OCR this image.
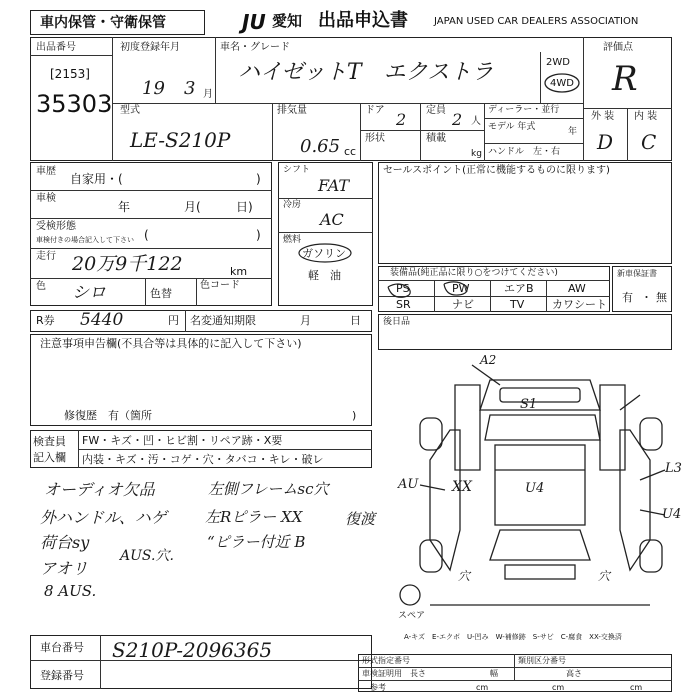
車内保管・守衛保管	JU 愛知 出品申込書	JAPAN USED CAR DEALERS ASSOCIATION
出品番号
[2153]
35303
初度登録年月
19 3 月
車名・グレード
ハイゼットT　エクストラ	2WD
4WD
評価点
R
外 装 内 装
D C
型式
LE-S210P
排気量
0.65 cc
ドア 2 定員 2 人
形状	積載
kg
ディーラー・並行
モデル 年式	年
ハンドル　左・右
車歴
自家用・(	)
車検
年	月(	日)
受検形態
車検付きの場合記入して下さい (	)
走行 20万9千122	km
色 シロ	色替
色コード
シフト
FAT
冷房
AC
燃料
ガソリン
軽　油
セールスポイント(正常に機能するものに限ります)
装備品(純正品に限り○をつけてください)
PS	PW	エアB	AW
SR	ナビ	TV	カワシート
新車保証書
有 無
・
R券 5440	円 名変通知期限	月	日
注意事項申告欄(不具合等は具体的に記入して下さい)
修復歴　有（箇所	)
後日品
検査員
記入欄
FW・キズ・凹・ヒビ割・リペア跡・X要
内装・キズ・汚・コゲ・穴・タバコ・キレ・破レ
オーディオ欠品
外ハンドル、ハゲ
荷台sy
アオリ
8 AUS.
左側フレームsc穴
左Rピラー XX
“ピラー付近 B
AUS.穴.
復渡
A2
S1
AU XX	U4
L3
U4
穴	穴
スペア
A-キズ　E-エクボ　U-凹み　W-補修跡　S-サビ　C-腐食　XX-交換済
車台番号 S210P-2096365
登録番号
形式指定番号	類別区分番号
車検証明用 長さ	幅	高さ
参考	cm	cm	cm
